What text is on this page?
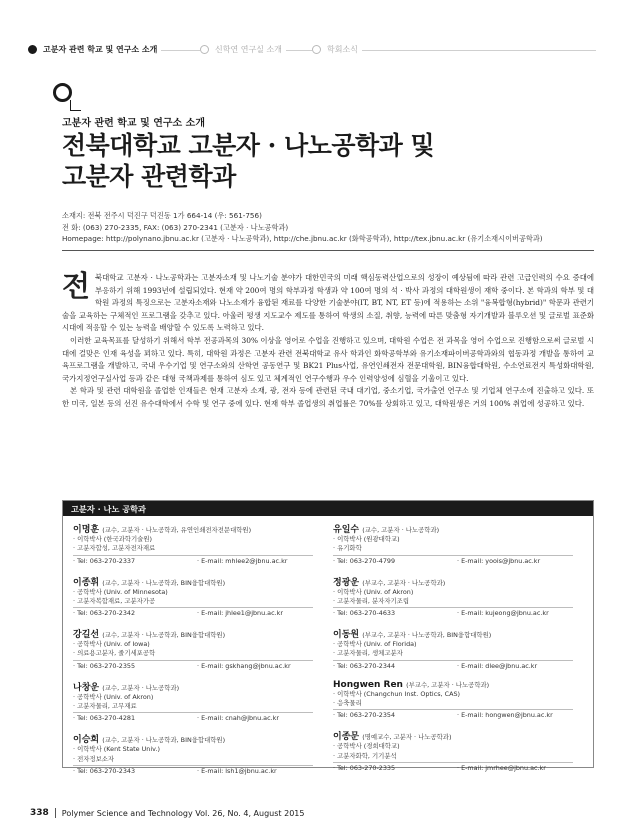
고분자 관련 학교 및 연구소 소개	신학연 연구실 소개	학회소식
고분자 관련 학교 및 연구소 소개
전북대학교 고분자 · 나노공학과 및
고분자 관련학과
소재지: 전북 전주시 덕진구 덕진동 1가 664-14 (우: 561-756)
전 화: (063) 270-2335, FAX: (063) 270-2341 (고분자 · 나노공학과)
Homepage: http://polynano.jbnu.ac.kr (고분자 · 나노공학과), http://che.jbnu.ac.kr (화학공학과), http://tex.jbnu.ac.kr (유기소재시이버공학과)

전북대학교 고분자 · 나노공학과는 고분자소재 및 나노기술 분야가 대한민국의 미래 핵심동력산업으로의 성장이 예상됨에 따라 관련 고급인력의 수요 증대에 부응하기 위해 1993년에 설립되었다. 현재 약 200여 명의 학부과정 학생과 약 100여 명의 석 · 박사 과정의 대학원생이 재학 중이다. 본 학과의 학부 및 대학원 과정의 특징으로는 고분자소재와 나노소재가 융합된 재료를 다양한 기술분야(IT, BT, NT, ET 등)에 적용하는 소위 "융복합형(hybrid)" 학문과 관련기술을 교육하는 구체적인 프로그램을 갖추고 있다. 아울러 평생 지도교수 제도를 통하여 학생의 소질, 취향, 능력에 따른 맞춤형 자기개발과 블루오션 및 글로벌 표준화 시대에 적응할 수 있는 능력을 배양할 수 있도록 노력하고 있다.

이러한 교육목표를 달성하기 위해서 학부 전공과목의 30% 이상을 영어로 수업을 진행하고 있으며, 대학원 수업은 전 과목을 영어 수업으로 진행함으로써 글로벌 시대에 걸맞은 인재 육성을 꾀하고 있다. 특히, 대학원 과정은 고분자 관련 전북대학교 유사 학과인 화학공학부와 유기소재파이버공학과와의 협동과정 개발을 통하여 교육프로그램을 개발하고, 국내 우수기업 및 연구소와의 산학연 공동연구 및 BK21 Plus사업, 유연인쇄전자 전문대학원, BIN융합대학원, 수소연료전지 특성화대학원, 국가지정연구실사업 등과 같은 대형 국책과제를 통하여 심도 있고 체계적인 연구수행과 우수 인력양성에 심혈을 기울이고 있다.

본 학과 및 관련 대학원을 졸업한 인재들은 현재 고분자 소재, 광, 전자 등에 관련된 국내 대기업, 중소기업, 국가출연 연구소 및 기업체 연구소에 진출하고 있다. 또한 미국, 일본 등의 선진 유수대학에서 수학 및 연구 중에 있다. 현재 학부 졸업생의 취업률은 70%를 상회하고 있고, 대학원생은 거의 100% 취업에 성공하고 있다.

고분자 · 나노 공학과
이명훈 (교수, 고분자 · 나노공학과, 유연인쇄전자전문대학원)
· 이학박사 (한국과학기술원)
· 고분자합성, 고분자전자재료
· Tel: 063-270-2337	· E-mail: mhlee2@jbnu.ac.kr
이종휘 (교수, 고분자 · 나노공학과, BIN융합대학원)
· 공학박사 (Univ. of Minnesota)
· 고분자복합재료, 고분자가공
· Tel: 063-270-2342	· E-mail: jhlee1@jbnu.ac.kr
강길선 (교수, 고분자 · 나노공학과, BIN융합대학원)
· 공학박사 (Univ. of Iowa)
· 의료용고분자, 줄기세포공학
· Tel: 063-270-2355	· E-mail: gskhang@jbnu.ac.kr
나창운 (교수, 고분자 · 나노공학과)
· 공학박사 (Univ. of Akron)
· 고분자물리, 고무재료
· Tel: 063-270-4281	· E-mail: cnah@jbnu.ac.kr
이승희 (교수, 고분자 · 나노공학과, BIN융합대학원)
· 이학박사 (Kent State Univ.)
· 전자정보소자
· Tel: 063-270-2343	· E-mail: lsh1@jbnu.ac.kr
유일수 (교수, 고분자 · 나노공학과)
· 이학박사 (원광대학교)
· 유기화학
· Tel: 063-270-4799	· E-mail: yoois@jbnu.ac.kr
정광운 (부교수, 고분자 · 나노공학과)
· 이학박사 (Univ. of Akron)
· 고분자물리, 분자자기조립
· Tel: 063-270-4633	· E-mail: kujeong@jbnu.ac.kr
이동원 (부교수, 고분자 · 나노공학과, BIN융합대학원)
· 공학박사 (Univ. of Florida)
· 고분자물리, 생체고분자
· Tel: 063-270-2344	· E-mail: dlee@jbnu.ac.kr
Hongwen Ren (부교수, 고분자 · 나노공학과)
· 이학박사 (Changchun Inst. Optics, CAS)
· 응축물리
· Tel: 063-270-2354	· E-mail: hongwen@jbnu.ac.kr
이종문 (명예교수, 고분자 · 나노공학과)
· 공학박사 (경희대학교)
· 고분자화학, 기기분석
· Tel: 063-270-2335	· E-mail: jmrhee@jbnu.ac.kr
338 Polymer Science and Technology Vol. 26, No. 4, August 2015
